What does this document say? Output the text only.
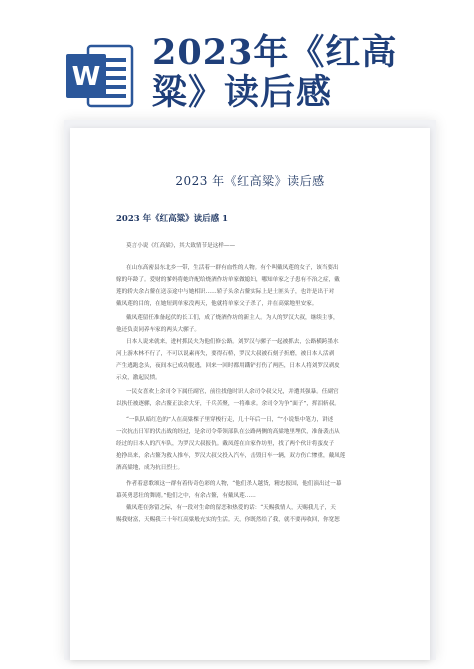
W
2023年《红高
粱》读后感
2023 年《红高粱》读后感
2023 年《红高粱》读后感 1
莫言小说《红高粱》，其大致情节是这样——
在山东高密县东北乡一带，生活着一群有血性的人物。有个叫戴凤莲的女子，该当要出
嫁的年龄了。爱财的爹妈将她许配给烧酒作坊单家做媳妇，哪知单家之子患有不治之症，戴
莲的轿夫余占鳌在送亲途中与她相识……轿子头余占鳌实际上是土匪头子，也许是出于对
戴凤莲的目的，在她短到单家没两天，他就将单家父子杀了，并在高粱地里安家。
戴凤莲留任准备起伏的长工们，成了烧酒作坊的新主人。为人的罗汉大叔，继续主事，
他还负责同养车家的两头大骡子。
日本人说来就来，进村抓民夫为他们修公路。刘罗汉与骡子一起被抓去，公路横跨墨水
河上游木林不行了，不可以说素再失，要得石桥，罗汉大叔被石刻子折磨，被日本人活剥
产生逃跑念头，夜间本已成功脱逃，回来一回时都用鐵铲打伤了两匹，日本人将刘罗汉剥皮
示众，激起民愤。
一民女喜欢上余司令下属任副官，前往找他时识人余司令叔父兄，并遭其强暴。任副官
以执任被逐骡，余占鳌正法余大牙，千兵苦聚，一将难求。余司令为争“面子”，挥泪斩叔。
“一队队暗红色的”人在高粱棵子里穿梭行走，几十年后一日，“”小说集中笔力，讲述
一次抗击日军的伏击战的经过，是余司令带领部队在公路两侧的高粱地里埋伏，准备袭击从
经过的日本人的汽车队，为罗汉大叔报仇。戴凤莲在自家作坊里，找了两个伙计将蛮皮子
抢挣出来，余占鳌为救人推车，罗汉大叔父投入汽车，击毁日车一辆，双方伤亡惨重，戴凤莲
酒高粱地，成为抗日烈士。
作者着意歌颂这一群有着传奇色彩的人物，“他们杀人越货，精忠报国，他们演出过一幕
幕英勇悲壮的舞剧。”他们之中，有余占鳌，有戴凤莲……
戴凤莲在弥留之际，有一段对生命的留恋和热爱的话：“天赐我情人，天赐我儿子，天
赐我财富，天赐我三十年红高粱般充实的生活。天，你既然给了我，就不要再收回，你宽恕
